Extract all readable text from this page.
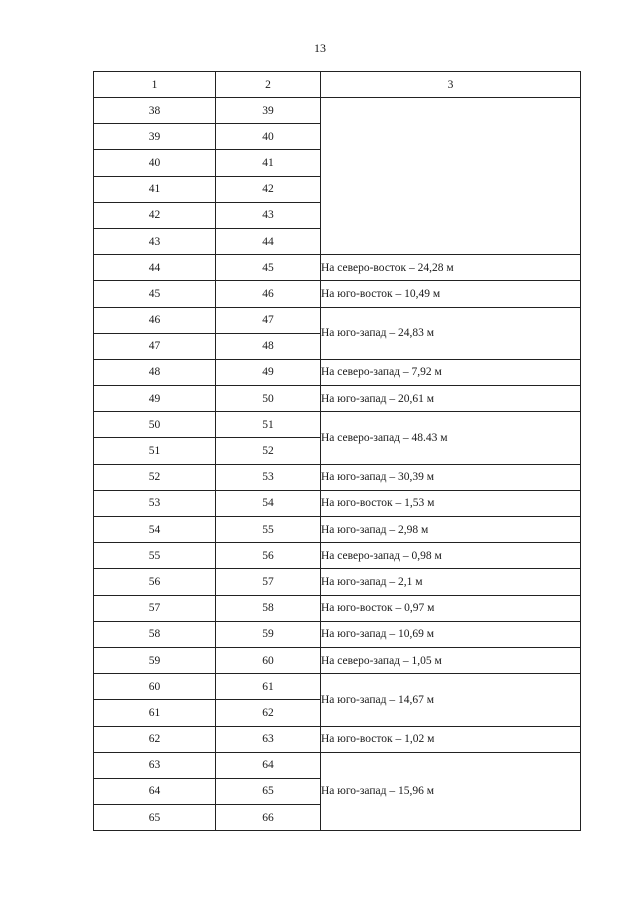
13
1	2	3
38	39	
39	40	
40	41	
41	42	
42	43	
43	44	
44	45	На северо-восток – 24,28 м
45	46	На юго-восток – 10,49 м
46	47	На юго-запад – 24,83 м
47	48	
48	49	На северо-запад – 7,92 м
49	50	На юго-запад – 20,61 м
50	51	На северо-запад – 48.43 м
51	52	
52	53	На юго-запад – 30,39 м
53	54	На юго-восток – 1,53 м
54	55	На юго-запад – 2,98 м
55	56	На северо-запад – 0,98 м
56	57	На юго-запад – 2,1 м
57	58	На юго-восток – 0,97 м
58	59	На юго-запад – 10,69 м
59	60	На северо-запад – 1,05 м
60	61	На юго-запад – 14,67 м
61	62	
62	63	На юго-восток – 1,02 м
63	64	На юго-запад – 15,96 м
64	65	
65	66	
